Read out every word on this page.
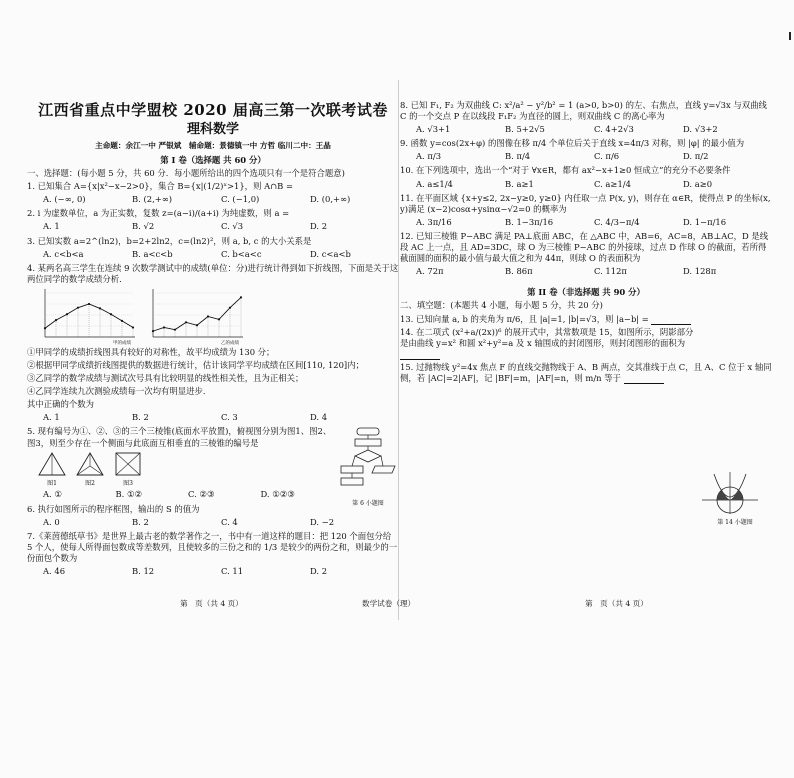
江西省重点中学盟校 2020 届高三第一次联考试卷
理科数学
主命题：余江一中 严银斌　辅命题：景德镇一中 方哲 临川二中：王晶
第 I 卷（选择题 共 60 分）
一、选择题：(每小题 5 分，共 60 分．每小题所给出的四个选项只有一个是符合题意)
1. 已知集合 A={x|x²−x−2>0}，集合 B={x|(1/2)ˣ>1}，则 A∩B =
A. (−∞, 0)	B. (2,+∞)	C. (−1,0)	D. (0,+∞)
2. i 为虚数单位，a 为正实数，复数 z=(a−i)/(a+i) 为纯虚数，则 a =
A. 1	B. √2	C. √3	D. 2
3. 已知实数 a=2^(ln2)，b=2+2ln2，c=(ln2)²，则 a, b, c 的大小关系是
A. c<b<a	B. a<c<b	C. b<a<c	D. c<a<b
4. 某两名高三学生在连续 9 次数学测试中的成绩(单位：分)进行统计得到如下折线图，下面是关于这两位同学的数学成绩分析．
甲的成绩	乙的成绩
①甲同学的成绩折线图具有较好的对称性，故平均成绩为 130 分；
②根据甲同学成绩折线图提供的数据进行统计，估计该同学平均成绩在区间[110, 120]内；
③乙同学的数学成绩与测试次号具有比较明显的线性相关性，且为正相关；
④乙同学连续九次测验成绩每一次均有明显进步．
其中正确的个数为
A. 1	B. 2	C. 3	D. 4
第 6 小题图
5. 现有编号为①、②、③的三个三棱锥(底面水平放置)，俯视图分别为图1、图2、图3，则至少存在一个侧面与此底面互相垂直的三棱锥的编号是
图1	图2	图3
A. ①	B. ①②	C. ②③	D. ①②③
6. 执行如图所示的程序框图，输出的 S 的值为
A. 0	B. 2	C. 4	D. −2
7.《莱茵德纸草书》是世界上最古老的数学著作之一，书中有一道这样的题目：把 120 个面包分给 5 个人，使每人所得面包数成等差数列，且使较多的三份之和的 1/3 是较少的两份之和，则最少的一份面包个数为
A. 46	B. 12	C. 11	D. 2
8. 已知 F₁, F₂ 为双曲线 C: x²/a² − y²/b² = 1 (a>0, b>0) 的左、右焦点，直线 y=√3x 与双曲线 C 的一个交点 P 在以线段 F₁F₂ 为直径的圆上，则双曲线 C 的离心率为
A. √3+1	B. 5+2√5	C. 4+2√3	D. √3+2
9. 函数 y=cos(2x+φ) 的图像在移 π/4 个单位后关于直线 x=4π/3 对称，则 |φ| 的最小值为
A. π/3	B. π/4	C. π/6	D. π/2
10. 在下列选项中，选出一个“对于 ∀x∈R，都有 ax²−x+1≥0 恒成立”的充分不必要条件
A. a≤1/4	B. a≥1	C. a≥1/4	D. a≥0
11. 在平面区域 {x+y≤2, 2x−y≥0, y≥0} 内任取一点 P(x, y)，则存在 α∈R，使得点 P 的坐标(x, y)满足 (x−2)cosα+ysinα−√2=0 的概率为
A. 3π/16	B. 1−3π/16	C. 4/3−π/4	D. 1−π/16
12. 已知三棱锥 P−ABC 满足 PA⊥底面 ABC，在 △ABC 中，AB=6，AC=8，AB⊥AC，D 是线段 AC 上一点，且 AD=3DC，球 O 为三棱锥 P−ABC 的外接球，过点 D 作球 O 的截面，若所得截面圆的面积的最小值与最大值之和为 44π，则球 O 的表面积为
A. 72π	B. 86π	C. 112π	D. 128π
第 II 卷（非选择题 共 90 分）
二、填空题：(本题共 4 小题，每小题 5 分，共 20 分)
13. 已知向量 a, b 的夹角为 π/6，且 |a|=1, |b|=√3，则 |a−b| =
14. 在二项式 (x²+a/(2x))⁶ 的展开式中，其常数项是 15，如图所示，阴影部分是由曲线 y=x² 和圆 x²+y²=a 及 x 轴围成的封闭图形，则封闭图形的面积为
15. 过抛物线 y²=4x 焦点 F 的直线交抛物线于 A、B 两点，交其准线于点 C，且 A、C 位于 x 轴同侧，若 |AC|=2|AF|，记 |BF|=m，|AF|=n，则 m/n 等于
第 14 小题图
第　页（共 4 页）	数学试卷（理）	第　页（共 4 页）
